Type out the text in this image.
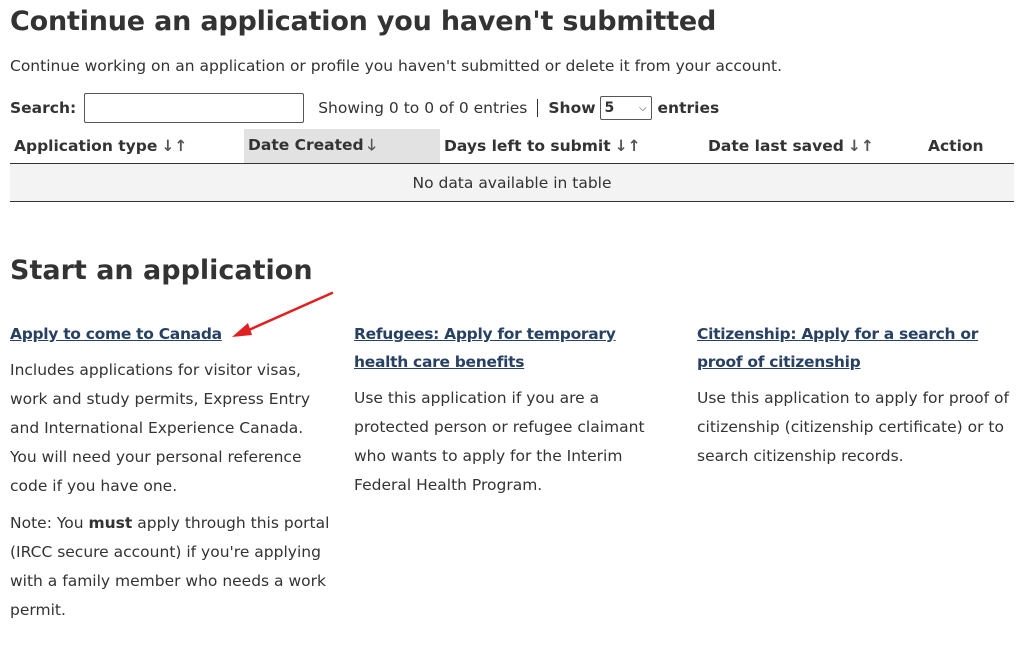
Continue an application you haven't submitted
Continue working on an application or profile you haven't submitted or delete it from your account.
Search:	Showing 0 to 0 of 0 entries Show 5 ⌵ entries
Application type ↓↑	Date Created 🡓	Days left to submit ↓↑	Date last saved ↓↑	Action
No data available in table
Start an application
Apply to come to Canada

Includes applications for visitor visas, work and study permits, Express Entry and International Experience Canada. You will need your personal reference code if you have one.

Note: You must apply through this portal (IRCC secure account) if you're applying with a family member who needs a work permit.

Refugees: Apply for temporary health care benefits

Use this application if you are a protected person or refugee claimant who wants to apply for the Interim Federal Health Program.

Citizenship: Apply for a search or proof of citizenship

Use this application to apply for proof of citizenship (citizenship certificate) or to search citizenship records.
